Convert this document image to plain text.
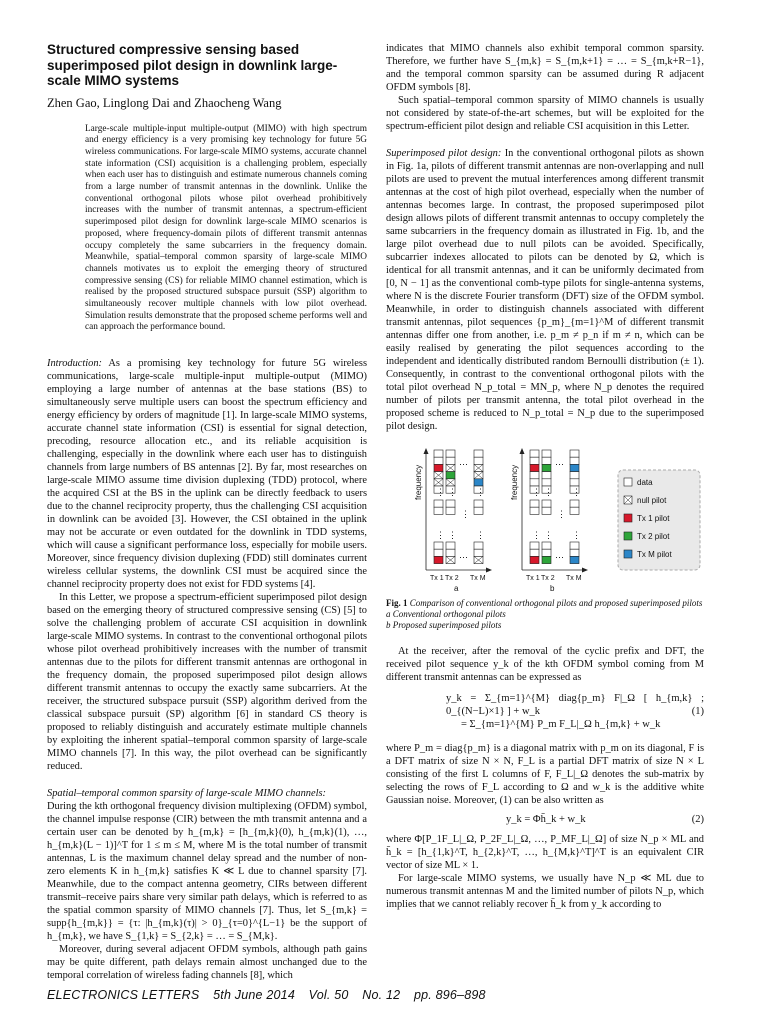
Structured compressive sensing based superimposed pilot design in downlink large-scale MIMO systems
Zhen Gao, Linglong Dai and Zhaocheng Wang
Large-scale multiple-input multiple-output (MIMO) with high spectrum and energy efficiency is a very promising key technology for future 5G wireless communications. For large-scale MIMO systems, accurate channel state information (CSI) acquisition is a challenging problem, especially when each user has to distinguish and estimate numerous channels coming from a large number of transmit antennas in the downlink. Unlike the conventional orthogonal pilots whose pilot overhead prohibitively increases with the number of transmit antennas, a spectrum-efficient superimposed pilot design for downlink large-scale MIMO scenarios is proposed, where frequency-domain pilots of different transmit antennas occupy completely the same subcarriers in the frequency domain. Meanwhile, spatial–temporal common sparsity of large-scale MIMO channels motivates us to exploit the emerging theory of structured compressive sensing (CS) for reliable MIMO channel estimation, which is realised by the proposed structured subspace pursuit (SSP) algorithm to simultaneously recover multiple channels with low pilot overhead. Simulation results demonstrate that the proposed scheme performs well and can approach the performance bound.

Introduction: As a promising key technology for future 5G wireless communications, large-scale multiple-input multiple-output (MIMO) employing a large number of antennas at the base stations (BS) to simultaneously serve multiple users can boost the spectrum efficiency and energy efficiency by orders of magnitude [1]. In large-scale MIMO systems, accurate channel state information (CSI) is essential for signal detection, precoding, resource allocation etc., and its reliable acquisition is challenging, especially in the downlink where each user has to distinguish channels from large numbers of BS antennas [2]. By far, most researches on large-scale MIMO assume time division duplexing (TDD) protocol, where the acquired CSI at the BS in the uplink can be directly feedback to users due to the channel reciprocity property, thus the challenging CSI acquisition in downlink can be avoided [3]. However, the CSI obtained in the uplink may not be accurate or even outdated for the downlink in TDD systems, which will cause a significant performance loss, especially for mobile users. Moreover, since frequency division duplexing (FDD) still dominates current wireless cellular systems, the downlink CSI must be acquired since the channel reciprocity property does not exist for FDD systems [4].

In this Letter, we propose a spectrum-efficient superimposed pilot design based on the emerging theory of structured compressive sensing (CS) [5] to solve the challenging problem of accurate CSI acquisition in downlink large-scale MIMO systems. In contrast to the conventional orthogonal pilots whose pilot overhead prohibitively increases with the number of transmit antennas due to the pilots for different transmit antennas are orthogonal in the frequency domain, the proposed superimposed pilot design allows different transmit antennas to occupy the exactly same subcarriers. At the receiver, the structured subspace pursuit (SSP) algorithm derived from the classical subspace pursuit (SP) algorithm [6] in standard CS theory is proposed to reliably distinguish and accurately estimate multiple channels by exploiting the inherent spatial–temporal common sparsity of large-scale MIMO channels [7]. In this way, the pilot overhead can be significantly reduced.

Spatial–temporal common sparsity of large-scale MIMO channels:

During the kth orthogonal frequency division multiplexing (OFDM) symbol, the channel impulse response (CIR) between the mth transmit antenna and a certain user can be denoted by h_{m,k} = [h_{m,k}(0), h_{m,k}(1), …, h_{m,k}(L − 1)]^T for 1 ≤ m ≤ M, where M is the total number of transmit antennas, L is the maximum channel delay spread and the number of non-zero elements K in h_{m,k} satisfies K ≪ L due to channel sparsity [7]. Meanwhile, due to the compact antenna geometry, CIRs between different transmit–receive pairs share very similar path delays, which is referred to as the spatial common sparsity of MIMO channels [7]. Thus, let S_{m,k} = supp{h_{m,k}} = {τ: |h_{m,k}(τ)| > 0}_{τ=0}^{L−1} be the support of h_{m,k}, we have S_{1,k} = S_{2,k} = … = S_{M,k}.

Moreover, during several adjacent OFDM symbols, although path gains may be quite different, path delays remain almost unchanged due to the temporal correlation of wireless fading channels [8], which

indicates that MIMO channels also exhibit temporal common sparsity. Therefore, we further have S_{m,k} = S_{m,k+1} = … = S_{m,k+R−1}, and the temporal common sparsity can be assumed during R adjacent OFDM symbols [8].

Such spatial–temporal common sparsity of MIMO channels is usually not considered by state-of-the-art schemes, but will be exploited for the spectrum-efficient pilot design and reliable CSI acquisition in this Letter.

Superimposed pilot design: In the conventional orthogonal pilots as shown in Fig. 1a, pilots of different transmit antennas are non-overlapping and null pilots are used to prevent the mutual interferences among different transmit antennas at the cost of high pilot overhead, especially when the number of antennas becomes large. In contrast, the proposed superimposed pilot design allows pilots of different transmit antennas to occupy completely the same subcarriers in the frequency domain as illustrated in Fig. 1b, and the large pilot overhead due to null pilots can be avoided. Specifically, subcarrier indexes allocated to pilots can be denoted by Ω, which is identical for all transmit antennas, and it can be uniformly decimated from [0, N − 1] as the conventional comb-type pilots for single-antenna systems, where N is the discrete Fourier transform (DFT) size of the OFDM symbol. Meanwhile, in order to distinguish channels associated with different transmit antennas, pilot sequences {p_m}_{m=1}^M of different transmit antennas differ one from another, i.e. p_m ≠ p_n if m ≠ n, which can be easily realised by generating the pilot sequences according to the independent and identically distributed random Bernoulli distribution (± 1). Consequently, in contrast to the conventional orthogonal pilots with the total pilot overhead N_p_total = MN_p, where N_p denotes the required number of pilots per transmit antenna, the total pilot overhead in the proposed scheme is reduced to N_p_total = N_p due to the superimposed pilot design.

frequency ⋮
⋮
⋮
⋮
⋮
⋮
⋯
⋯
⋮
Tx 1 Tx 2 Tx M
a
frequency ⋮
⋮
⋮
⋮
⋮
⋮
⋯
⋯
⋮
Tx 1 Tx 2 Tx M
b
data
null pilot
Tx 1 pilot
Tx 2 pilot
Tx M pilot

Fig. 1 Comparison of conventional orthogonal pilots and proposed superimposed pilots

a Conventional orthogonal pilots

b Proposed superimposed pilots

At the receiver, after the removal of the cyclic prefix and DFT, the received pilot sequence y_k of the kth OFDM symbol coming from M different transmit antennas can be expressed as

y_k = Σ_{m=1}^{M} diag{p_m} F|_Ω [ h_{m,k} ; 0_{(N−L)×1} ] + w_k
= Σ_{m=1}^{M} P_m F_L|_Ω h_{m,k} + w_k
(1)

where P_m = diag{p_m} is a diagonal matrix with p_m on its diagonal, F is a DFT matrix of size N × N, F_L is a partial DFT matrix of size N × L consisting of the first L columns of F, F_L|_Ω denotes the sub-matrix by selecting the rows of F_L according to Ω and w_k is the additive white Gaussian noise. Moreover, (1) can be also written as

y_k = Φh̄_k + w_k	(2)

where Φ[P_1F_L|_Ω, P_2F_L|_Ω, …, P_MF_L|_Ω] of size N_p × ML and h̄_k = [h_{1,k}^T, h_{2,k}^T, …, h_{M,k}^T]^T is an equivalent CIR vector of size ML × 1.

For large-scale MIMO systems, we usually have N_p ≪ ML due to numerous transmit antennas M and the limited number of pilots N_p, which implies that we cannot reliably recover h̄_k from y_k according to

ELECTRONICS LETTERS 5th June 2014 Vol. 50 No. 12 pp. 896–898
